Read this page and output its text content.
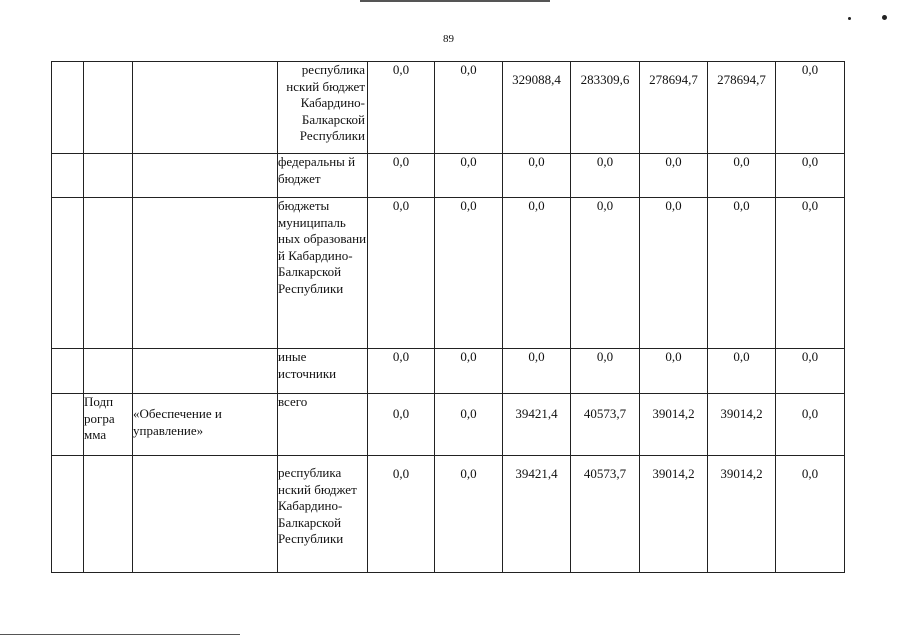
89
			республика нский бюджет Кабардино-Балкарской Республики	0,0	0,0	329088,4	283309,6	278694,7	278694,7	0,0
			федеральны й бюджет	0,0	0,0	0,0	0,0	0,0	0,0	0,0
			бюджеты муниципаль ных образовани й Кабардино-Балкарской Республики	0,0	0,0	0,0	0,0	0,0	0,0	0,0
			иные источники	0,0	0,0	0,0	0,0	0,0	0,0	0,0
	Подп рогра мма	«Обеспечение и управление»	всего	0,0	0,0	39421,4	40573,7	39014,2	39014,2	0,0
			республика нский бюджет Кабардино-Балкарской Республики	0,0	0,0	39421,4	40573,7	39014,2	39014,2	0,0
